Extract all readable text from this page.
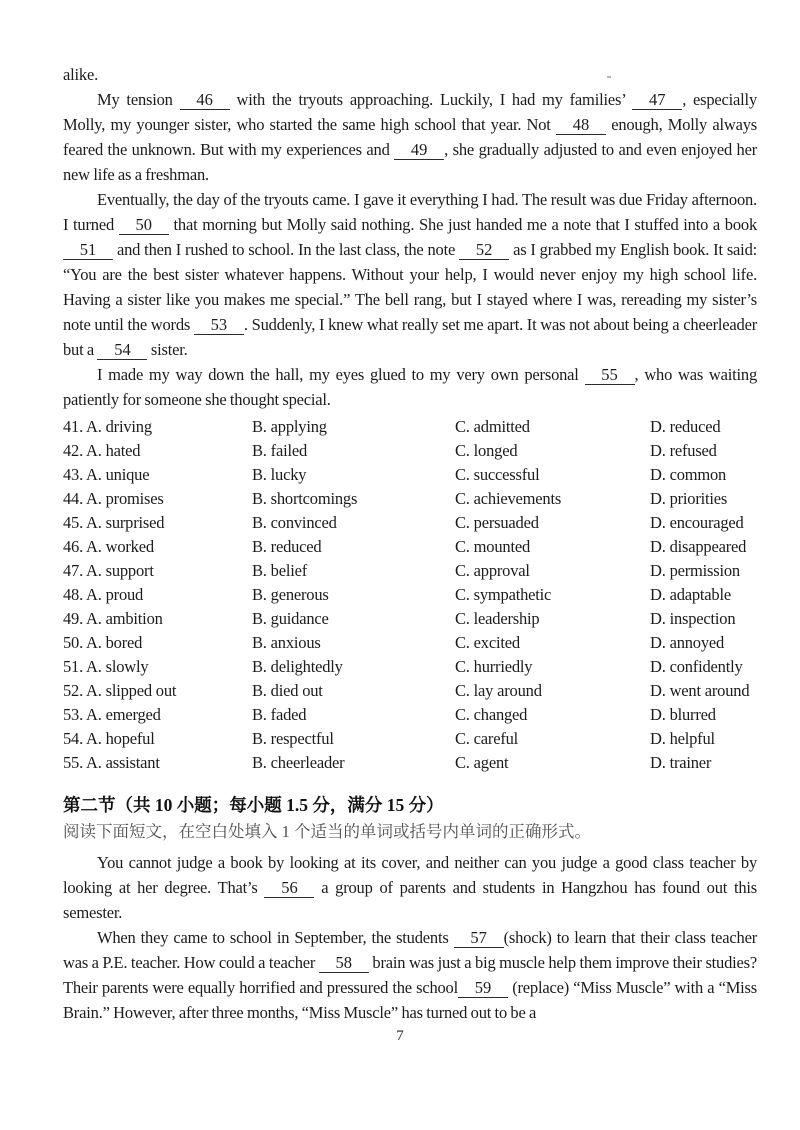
alike.

My tension 46 with the tryouts approaching. Luckily, I had my families’ 47 , especially Molly, my younger sister, who started the same high school that year. Not 48 enough, Molly always feared the unknown. But with my experiences and 49 , she gradually adjusted to and even enjoyed her new life as a freshman.

Eventually, the day of the tryouts came. I gave it everything I had. The result was due Friday afternoon. I turned 50 that morning but Molly said nothing. She just handed me a note that I stuffed into a book 51 and then I rushed to school. In the last class, the note 52 as I grabbed my English book. It said: “You are the best sister whatever happens. Without your help, I would never enjoy my high school life. Having a sister like you makes me special.” The bell rang, but I stayed where I was, rereading my sister’s note until the words 53 . Suddenly, I knew what really set me apart. It was not about being a cheerleader but a 54 sister.

I made my way down the hall, my eyes glued to my very own personal 55 , who was waiting patiently for someone she thought special.

41. A. driving	B. applying	C. admitted	D. reduced
42. A. hated	B. failed	C. longed	D. refused
43. A. unique	B. lucky	C. successful	D. common
44. A. promises	B. shortcomings	C. achievements	D. priorities
45. A. surprised	B. convinced	C. persuaded	D. encouraged
46. A. worked	B. reduced	C. mounted	D. disappeared
47. A. support	B. belief	C. approval	D. permission
48. A. proud	B. generous	C. sympathetic	D. adaptable
49. A. ambition	B. guidance	C. leadership	D. inspection
50. A. bored	B. anxious	C. excited	D. annoyed
51. A. slowly	B. delightedly	C. hurriedly	D. confidently
52. A. slipped out	B. died out	C. lay around	D. went around
53. A. emerged	B. faded	C. changed	D. blurred
54. A. hopeful	B. respectful	C. careful	D. helpful
55. A. assistant	B. cheerleader	C. agent	D. trainer

第二节（共 10 小题；每小题 1.5 分，满分 15 分）

阅读下面短文，在空白处填入 1 个适当的单词或括号内单词的正确形式。

You cannot judge a book by looking at its cover, and neither can you judge a good class teacher by looking at her degree. That’s 56 a group of parents and students in Hangzhou has found out this semester.

When they came to school in September, the students 57 (shock) to learn that their class teacher was a P.E. teacher. How could a teacher 58 brain was just a big muscle help them improve their studies? Their parents were equally horrified and pressured the school 59 (replace) “Miss Muscle” with a “Miss Brain.” However, after three months, “Miss Muscle” has turned out to be a

7
